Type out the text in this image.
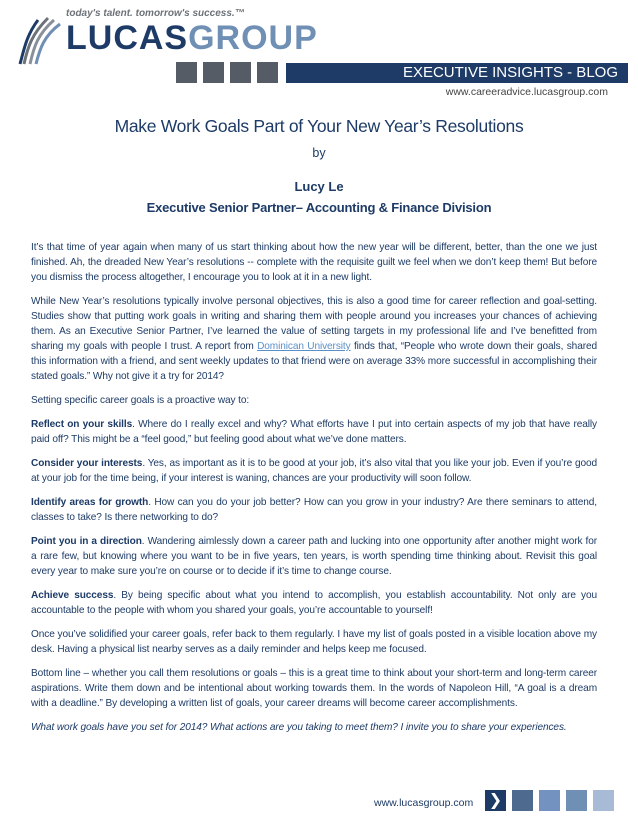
today's talent. tomorrow's success.™
LUCASGROUP
EXECUTIVE INSIGHTS - BLOG
www.careeradvice.lucasgroup.com
Make Work Goals Part of Your New Year’s Resolutions
by
Lucy Le
Executive Senior Partner– Accounting & Finance Division

It’s that time of year again when many of us start thinking about how the new year will be different, better, than the one we just finished. Ah, the dreaded New Year’s resolutions -- complete with the requisite guilt we feel when we don’t keep them! But before you dismiss the process altogether, I encourage you to look at it in a new light.

While New Year’s resolutions typically involve personal objectives, this is also a good time for career reflection and goal-setting. Studies show that putting work goals in writing and sharing them with people around you increases your chances of achieving them. As an Executive Senior Partner, I’ve learned the value of setting targets in my professional life and I’ve benefitted from sharing my goals with people I trust. A report from Dominican University finds that, “People who wrote down their goals, shared this information with a friend, and sent weekly updates to that friend were on average 33% more successful in accomplishing their stated goals.” Why not give it a try for 2014?

Setting specific career goals is a proactive way to:

Reflect on your skills. Where do I really excel and why? What efforts have I put into certain aspects of my job that have really paid off? This might be a “feel good,” but feeling good about what we’ve done matters.

Consider your interests. Yes, as important as it is to be good at your job, it’s also vital that you like your job. Even if you’re good at your job for the time being, if your interest is waning, chances are your productivity will soon follow.

Identify areas for growth. How can you do your job better? How can you grow in your industry? Are there seminars to attend, classes to take? Is there networking to do?

Point you in a direction. Wandering aimlessly down a career path and lucking into one opportunity after another might work for a rare few, but knowing where you want to be in five years, ten years, is worth spending time thinking about. Revisit this goal every year to make sure you’re on course or to decide if it’s time to change course.

Achieve success. By being specific about what you intend to accomplish, you establish accountability. Not only are you accountable to the people with whom you shared your goals, you’re accountable to yourself!

Once you’ve solidified your career goals, refer back to them regularly. I have my list of goals posted in a visible location above my desk. Having a physical list nearby serves as a daily reminder and helps keep me focused.

Bottom line – whether you call them resolutions or goals – this is a great time to think about your short-term and long-term career aspirations. Write them down and be intentional about working towards them. In the words of Napoleon Hill, “A goal is a dream with a deadline.” By developing a written list of goals, your career dreams will become career accomplishments.

What work goals have you set for 2014? What actions are you taking to meet them? I invite you to share your experiences.

www.lucasgroup.com ❯
